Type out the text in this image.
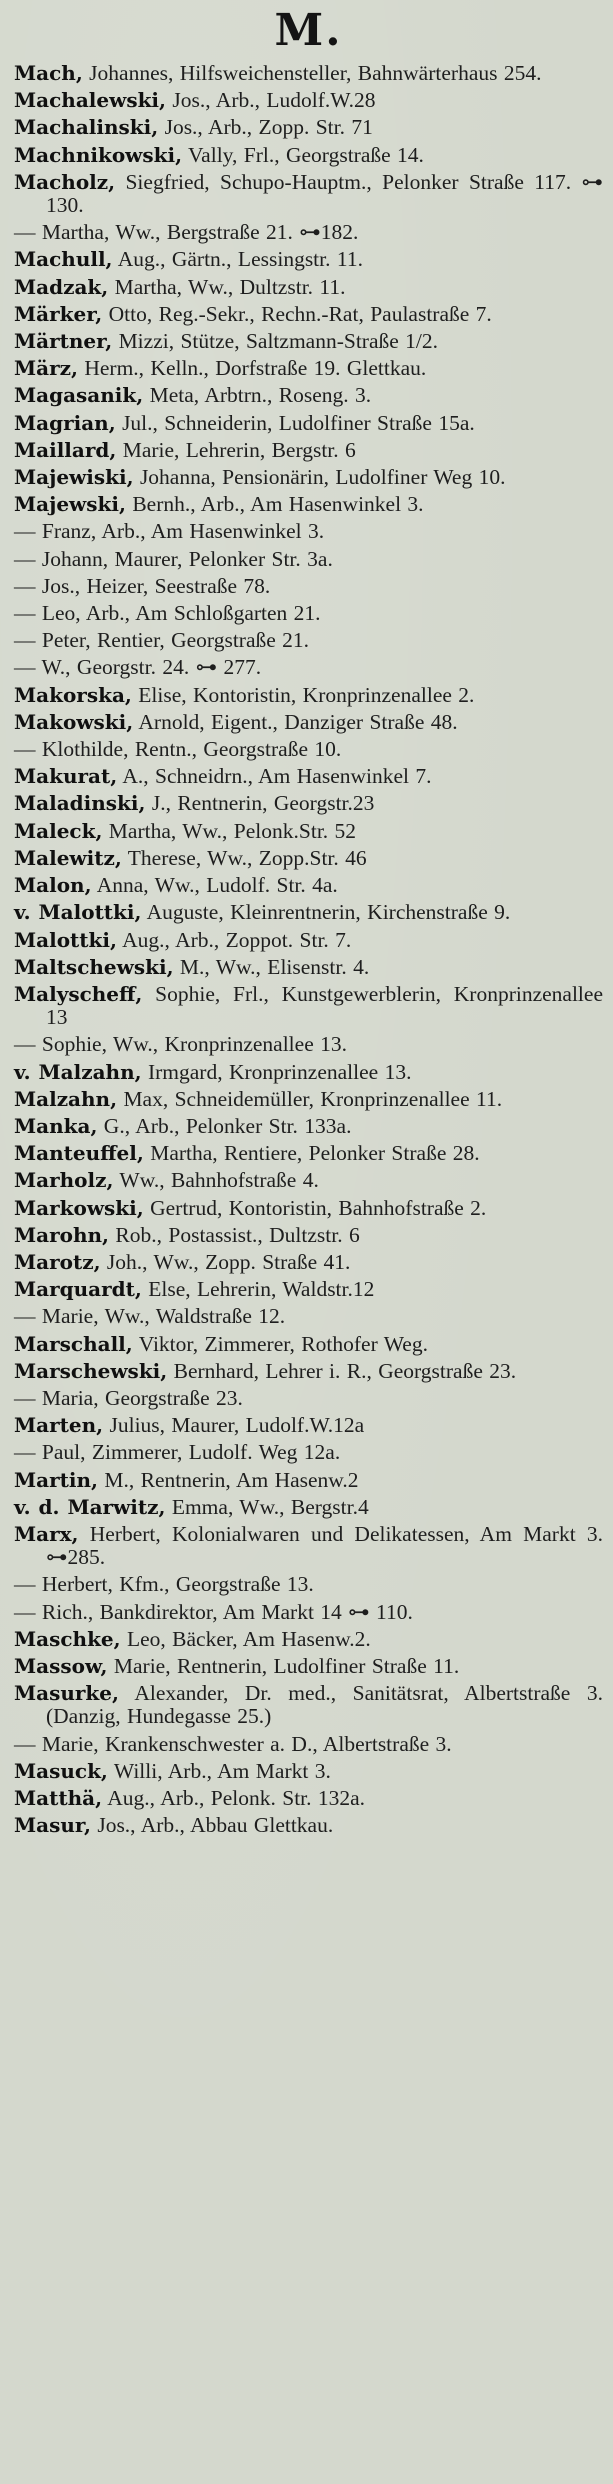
M.

Mach, Johannes, Hilfsweichensteller, Bahnwärterhaus 254.

Machalewski, Jos., Arb., Ludolf.W.28

Machalinski, Jos., Arb., Zopp. Str. 71

Machnikowski, Vally, Frl., Georgstraße 14.

Macholz, Siegfried, Schupo-Hauptm., Pelonker Straße 117. ⊶ 130.

— Martha, Ww., Bergstraße 21. ⊶182.

Machull, Aug., Gärtn., Lessingstr. 11.

Madzak, Martha, Ww., Dultzstr. 11.

Märker, Otto, Reg.-Sekr., Rechn.-Rat, Paulastraße 7.

Märtner, Mizzi, Stütze, Saltzmann-Straße 1/2.

März, Herm., Kelln., Dorfstraße 19. Glettkau.

Magasanik, Meta, Arbtrn., Roseng. 3.

Magrian, Jul., Schneiderin, Ludolfiner Straße 15a.

Maillard, Marie, Lehrerin, Bergstr. 6

Majewiski, Johanna, Pensionärin, Ludolfiner Weg 10.

Majewski, Bernh., Arb., Am Hasenwinkel 3.

— Franz, Arb., Am Hasenwinkel 3.

— Johann, Maurer, Pelonker Str. 3a.

— Jos., Heizer, Seestraße 78.

— Leo, Arb., Am Schloßgarten 21.

— Peter, Rentier, Georgstraße 21.

— W., Georgstr. 24. ⊶ 277.

Makorska, Elise, Kontoristin, Kronprinzenallee 2.

Makowski, Arnold, Eigent., Danziger Straße 48.

— Klothilde, Rentn., Georgstraße 10.

Makurat, A., Schneidrn., Am Hasenwinkel 7.

Maladinski, J., Rentnerin, Georgstr.23

Maleck, Martha, Ww., Pelonk.Str. 52

Malewitz, Therese, Ww., Zopp.Str. 46

Malon, Anna, Ww., Ludolf. Str. 4a.

v. Malottki, Auguste, Kleinrentnerin, Kirchenstraße 9.

Malottki, Aug., Arb., Zoppot. Str. 7.

Maltschewski, M., Ww., Elisenstr. 4.

Malyscheff, Sophie, Frl., Kunstgewerblerin, Kronprinzenallee 13

— Sophie, Ww., Kronprinzenallee 13.

v. Malzahn, Irmgard, Kronprinzenallee 13.

Malzahn, Max, Schneidemüller, Kronprinzenallee 11.

Manka, G., Arb., Pelonker Str. 133a.

Manteuffel, Martha, Rentiere, Pelonker Straße 28.

Marholz, Ww., Bahnhofstraße 4.

Markowski, Gertrud, Kontoristin, Bahnhofstraße 2.

Marohn, Rob., Postassist., Dultzstr. 6

Marotz, Joh., Ww., Zopp. Straße 41.

Marquardt, Else, Lehrerin, Waldstr.12

— Marie, Ww., Waldstraße 12.

Marschall, Viktor, Zimmerer, Rothofer Weg.

Marschewski, Bernhard, Lehrer i. R., Georgstraße 23.

— Maria, Georgstraße 23.

Marten, Julius, Maurer, Ludolf.W.12a

— Paul, Zimmerer, Ludolf. Weg 12a.

Martin, M., Rentnerin, Am Hasenw.2

v. d. Marwitz, Emma, Ww., Bergstr.4

Marx, Herbert, Kolonialwaren und Delikatessen, Am Markt 3. ⊶285.

— Herbert, Kfm., Georgstraße 13.

— Rich., Bankdirektor, Am Markt 14 ⊶ 110.

Maschke, Leo, Bäcker, Am Hasenw.2.

Massow, Marie, Rentnerin, Ludolfiner Straße 11.

Masurke, Alexander, Dr. med., Sanitätsrat, Albertstraße 3. (Danzig, Hundegasse 25.)

— Marie, Krankenschwester a. D., Albertstraße 3.

Masuck, Willi, Arb., Am Markt 3.

Matthä, Aug., Arb., Pelonk. Str. 132a.

Masur, Jos., Arb., Abbau Glettkau.
